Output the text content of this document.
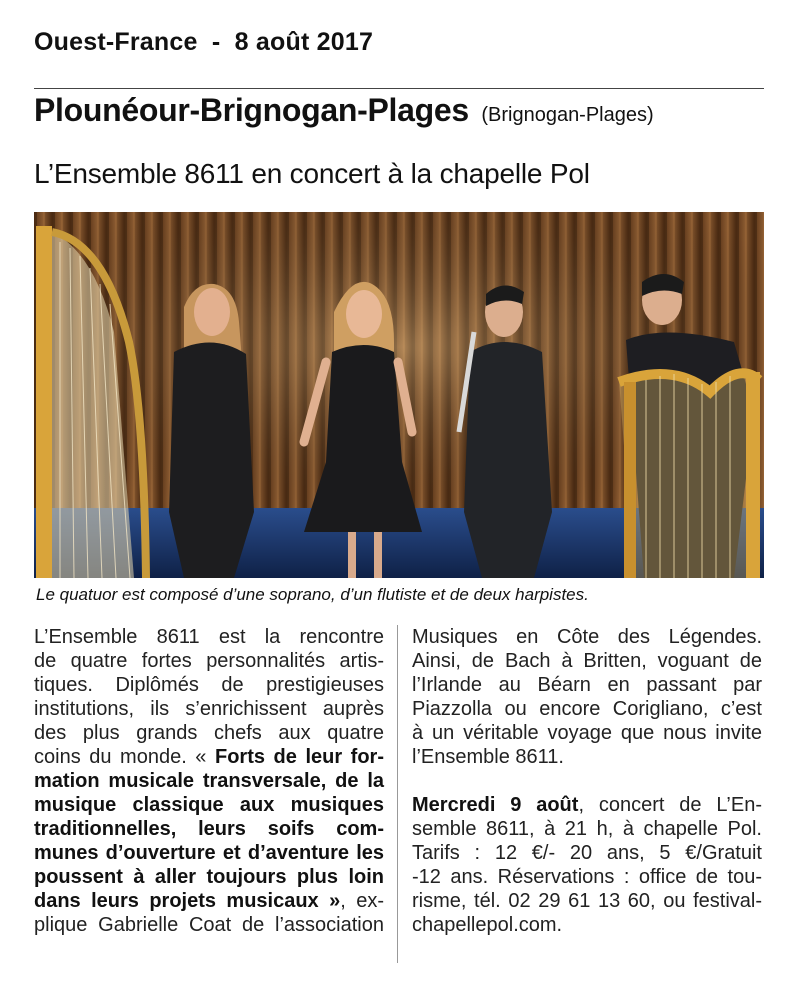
Ouest-France  -  8 août 2017
Plounéour-Brignogan-Plages (Brignogan-Plages)
L’Ensemble 8611 en concert à la chapelle Pol
Le quatuor est composé d’une soprano, d’un flutiste et de deux harpistes.
L’Ensemble 8611 est la rencontre
de quatre fortes personnalités artis-
tiques. Diplômés de prestigieuses
institutions, ils s’enrichissent auprès
des plus grands chefs aux quatre
coins du monde. « Forts de leur for-
mation musicale transversale, de la
musique classique aux musiques
traditionnelles, leurs soifs com-
munes d’ouverture et d’aventure les
poussent à aller toujours plus loin
dans leurs projets musicaux », ex-
plique Gabrielle Coat de l’association
Musiques en Côte des Légendes.
Ainsi, de Bach à Britten, voguant de
l’Irlande au Béarn en passant par
Piazzolla ou encore Corigliano, c’est
à un véritable voyage que nous invite
l’Ensemble 8611.
Mercredi 9 août, concert de L’En-
semble 8611, à 21 h, à chapelle Pol.
Tarifs : 12 €/- 20 ans, 5 €/Gratuit
-12 ans. Réservations : office de tou-
risme, tél. 02 29 61 13 60, ou festival-
chapellepol.com.
